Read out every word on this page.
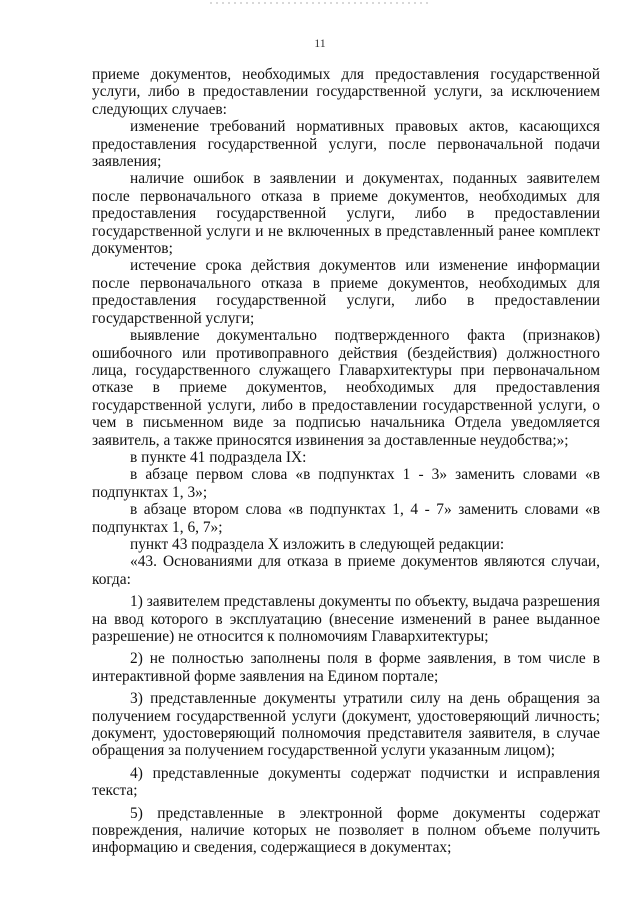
11

приеме документов, необходимых для предоставления государственной услуги, либо в предоставлении государственной услуги, за исключением следующих случаев:

изменение требований нормативных правовых актов, касающихся предоставления государственной услуги, после первоначальной подачи заявления;

наличие ошибок в заявлении и документах, поданных заявителем после первоначального отказа в приеме документов, необходимых для предоставления государственной услуги, либо в предоставлении государственной услуги и не включенных в представленный ранее комплект документов;

истечение срока действия документов или изменение информации после первоначального отказа в приеме документов, необходимых для предоставления государственной услуги, либо в предоставлении государственной услуги;

выявление документально подтвержденного факта (признаков) ошибочного или противоправного действия (бездействия) должностного лица, государственного служащего Главархитектуры при первоначальном отказе в приеме документов, необходимых для предоставления государственной услуги, либо в предоставлении государственной услуги, о чем в письменном виде за подписью начальника Отдела уведомляется заявитель, а также приносятся извинения за доставленные неудобства;»;

в пункте 41 подраздела IX:

в абзаце первом слова «в подпунктах 1 - 3» заменить словами «в подпунктах 1, 3»;

в абзаце втором слова «в подпунктах 1, 4 - 7» заменить словами «в подпунктах 1, 6, 7»;

пункт 43 подраздела X изложить в следующей редакции:

«43. Основаниями для отказа в приеме документов являются случаи, когда:

1) заявителем представлены документы по объекту, выдача разрешения на ввод которого в эксплуатацию (внесение изменений в ранее выданное разрешение) не относится к полномочиям Главархитектуры;

2) не полностью заполнены поля в форме заявления, в том числе в интерактивной форме заявления на Едином портале;

3) представленные документы утратили силу на день обращения за получением государственной услуги (документ, удостоверяющий личность; документ, удостоверяющий полномочия представителя заявителя, в случае обращения за получением государственной услуги указанным лицом);

4) представленные документы содержат подчистки и исправления текста;

5) представленные в электронной форме документы содержат повреждения, наличие которых не позволяет в полном объеме получить информацию и сведения, содержащиеся в документах;
